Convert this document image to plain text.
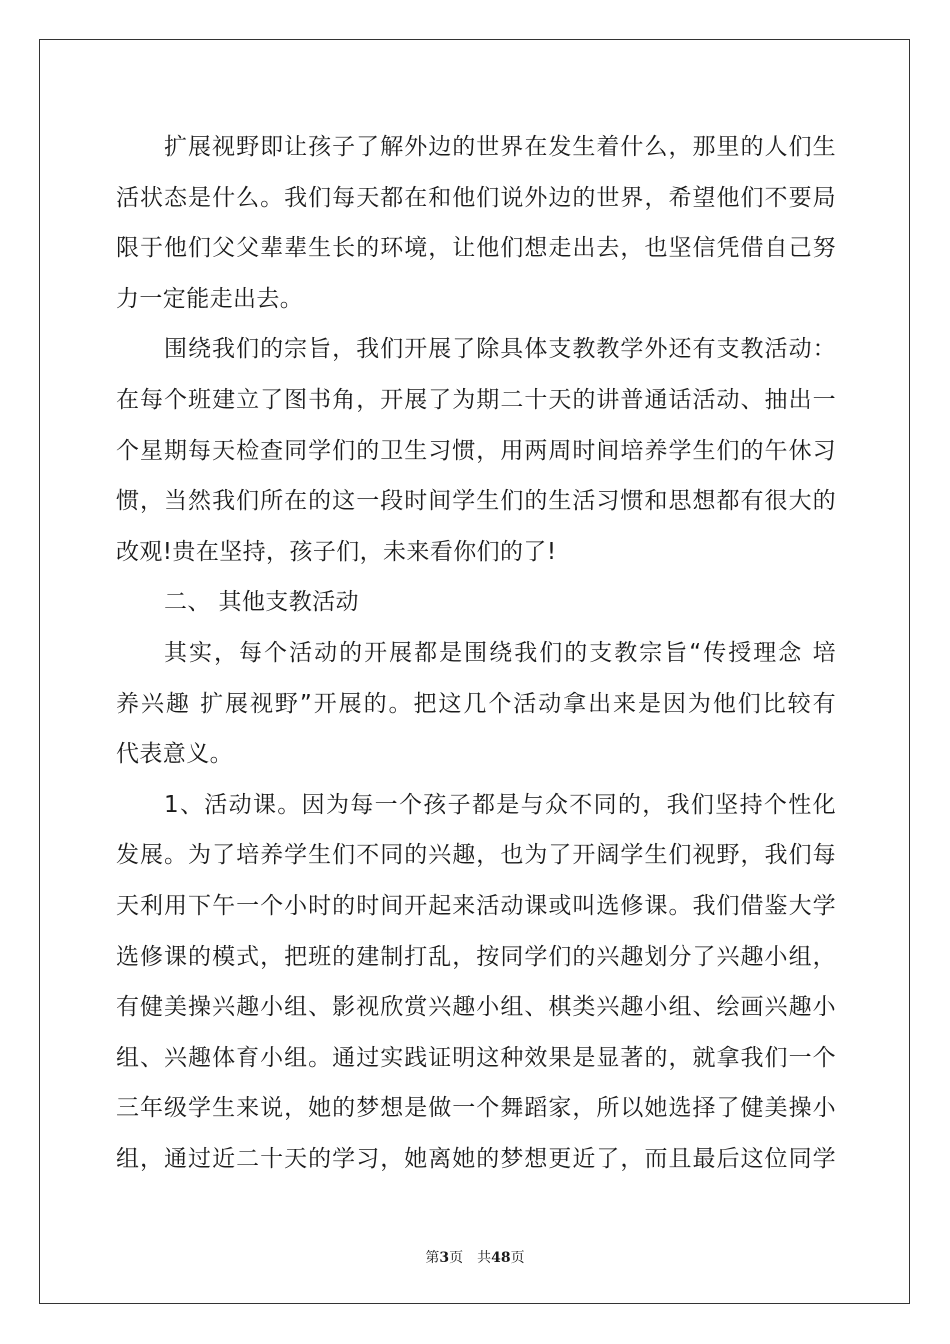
扩展视野即让孩子了解外边的世界在发生着什么，那里的人们生
活状态是什么。我们每天都在和他们说外边的世界，希望他们不要局
限于他们父父辈辈生长的环境，让他们想走出去，也坚信凭借自己努
力一定能走出去。
围绕我们的宗旨，我们开展了除具体支教教学外还有支教活动：
在每个班建立了图书角，开展了为期二十天的讲普通话活动、抽出一
个星期每天检查同学们的卫生习惯，用两周时间培养学生们的午休习
惯，当然我们所在的这一段时间学生们的生活习惯和思想都有很大的
改观!贵在坚持，孩子们，未来看你们的了!
二、 其他支教活动
其实，每个活动的开展都是围绕我们的支教宗旨“传授理念 培
养兴趣 扩展视野”开展的。把这几个活动拿出来是因为他们比较有
代表意义。
1、活动课。因为每一个孩子都是与众不同的，我们坚持个性化
发展。为了培养学生们不同的兴趣，也为了开阔学生们视野，我们每
天利用下午一个小时的时间开起来活动课或叫选修课。我们借鉴大学
选修课的模式，把班的建制打乱，按同学们的兴趣划分了兴趣小组，
有健美操兴趣小组、影视欣赏兴趣小组、棋类兴趣小组、绘画兴趣小
组、兴趣体育小组。通过实践证明这种效果是显著的，就拿我们一个
三年级学生来说，她的梦想是做一个舞蹈家，所以她选择了健美操小
组，通过近二十天的学习，她离她的梦想更近了，而且最后这位同学
第3页 共48页
